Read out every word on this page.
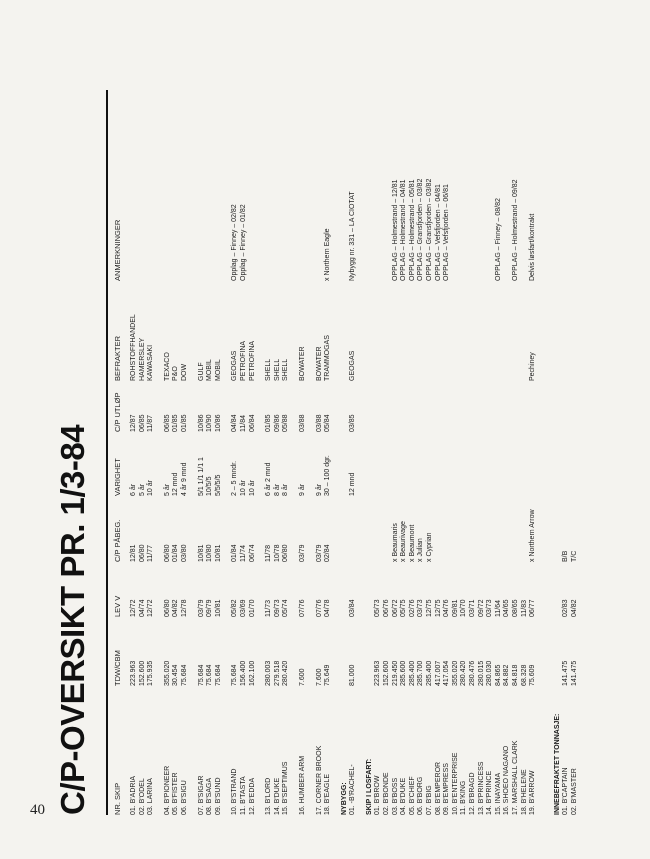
40 C/P-OVERSIKT PR. 1/3-84	NR. SKIP
TDW/CBM
LEV V
C/P PÅBEG.
VARIGHET
C/P UTLØP
BEFRAKTER
ANMERKNINGER
01. B'ADRIA
223.963
12/72
12/81
6 år
12/87
ROHSTOFFHANDEL
02. B'ODEL
152.600
04/74
06/80
5 år
06/85
HAMERSLEY
03. LARINA
175.935
12/72
11/77
10 år
11/87
KAWASAKI
04. B'PIONEER
355.020
06/80
06/80
5 år
06/85
TEXACO
05. B'FISTER
30.454
04/82
01/84
12 mnd
01/85
P&O
06. B'SIGU
75.684
12/78
03/80
4 år 9 mnd
01/85
DOW
07. B'SIGAR
75.684
03/79
10/81
5/1 1/1 1/1 1
10/86
GULF
08. B'SAGA
75.684
09/79
10/80
10/5/5
10/90
MOBIL
09. B'SUND
75.684
10/81
10/81
5/5/5/5
10/86
MOBIL
10. B'STRAND
75.684
05/82
01/84
2 – 5 mndr.
04/84
GEOGAS
Opplag – Finney – 02/82
11. B'TASTA
156.400
03/69
11/74
10 år
11/84
PETROFINA
Opplag – Finney – 01/82
12. B'EDDA
162.100
01/70
06/74
10 år
06/84
PETROFINA
13. B'LORD
280.003
11/73
11/78
6 år 2 mnd
01/85
SHELL
14. B'DUKE
279.518
09/73
10/78
8 år
09/86
SHELL
15. B'SEPTIMUS
280.420
05/74
06/80
8 år
05/88
SHELL
16. HUMBER ARM
7.600
07/76
03/79
9 år
03/88
BOWATER
17. CORNER BROOK
7.600
07/76
03/79
9 år
03/88
BOWATER
18. B'EAGLE
75.649
04/78
02/84
30 – 100 dgr.
05/84
TRAMMOGAS
x Northern Eagle
NYBYGG: 01. -B'RACHEL-
81.000
03/84
12 mnd
03/85
GEOGAS
Nybygg nr. 331 – LA CIOTAT
SKIP I LOSFART: 01. B'BROW
223.963
05/73
02. B'BONDE
152.600
06/76
03. B'BOSS
219.450
06/72
x Beaumaris
OPPLAG – Holmestrand – 12/81
04. B'DUKE
285.600
05/75
x Beaurivage
OPPLAG – Holmestrand – 04/81
05. B'CHIEF
285.400
02/76
x Beaumont
OPPLAG – Holmestrand – 05/81
06. B'BORG
285.700
03/73
x Julian
OPPLAG – Gransfjorden – 03/82
07. B'BIG
285.400
12/75
x Cyprian
OPPLAG – Gransfjorden – 03/82
08. B'EMPEROR
417.007
12/75
OPPLAG – Vefsfjorden – 04/81
09. B'EMPRESS
417.054
04/76
OPPLAG – Vefsfjorden – 06/81
10. B'ENTERPRISE
355.020
09/81
11. B'KING
280.420
10/70
12. B'BRAGD
280.476
03/71
13. B'PRINCESS
280.015
09/72
14. B'PRINCE
280.030
03/73
15. INAYAMA
84.865
11/64
OPPLAG – Finney – 08/82
16. SHOEO NAGANO
84.882
04/65
17. MARSHALL CLARK
84.818
08/65
OPPLAG – Holmestrand – 09/82
18. B'HELENE
68.328
11/83
19. B'ARROW
75.609
06/77
x Northern Arrow
Pechiney
Delvis løsfart/kontrakt
INNEBEFRAKTET TONNASJE: 01. B'CAPTAIN
141.475
02/83
B/B
02. B'MASTER
141.475
04/82
T/C
